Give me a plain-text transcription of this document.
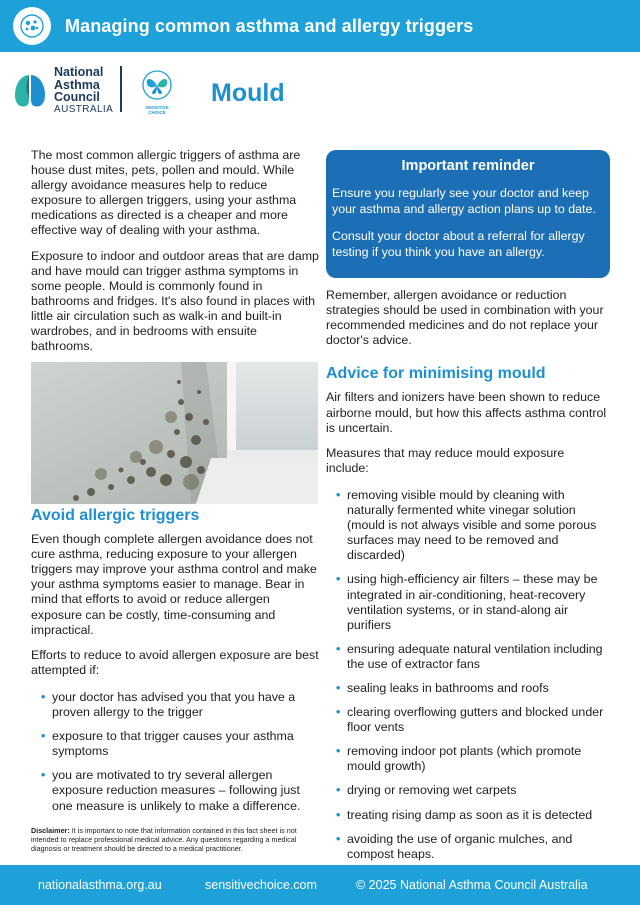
Managing common asthma and allergy triggers
National
Asthma
Council
AUSTRALIA	SENSITIVE
CHOICE
Mould

The most common allergic triggers of asthma are house dust mites, pets, pollen and mould. While allergy avoidance measures help to reduce exposure to allergen triggers, using your asthma medications as directed is a cheaper and more effective way of dealing with your asthma.

Exposure to indoor and outdoor areas that are damp and have mould can trigger asthma symptoms in some people. Mould is commonly found in bathrooms and fridges. It's also found in places with little air circulation such as walk-in and built-in wardrobes, and in bedrooms with ensuite bathrooms.

Avoid allergic triggers

Even though complete allergen avoidance does not cure asthma, reducing exposure to your allergen triggers may improve your asthma control and make your asthma symptoms easier to manage. Bear in mind that efforts to avoid or reduce allergen exposure can be costly, time-consuming and impractical.

Efforts to reduce to avoid allergen exposure are best attempted if:

• your doctor has advised you that you have a proven allergy to the trigger
• exposure to that trigger causes your asthma symptoms
• you are motivated to try several allergen exposure reduction measures – following just one measure is unlikely to make a difference.
Disclaimer: It is important to note that information contained in this fact sheet is not intended to replace professional medical advice. Any questions regarding a medical diagnosis or treatment should be directed to a medical practitioner.
Important reminder

Ensure you regularly see your doctor and keep your asthma and allergy action plans up to date.

Consult your doctor about a referral for allergy testing if you think you have an allergy.

Remember, allergen avoidance or reduction strategies should be used in combination with your recommended medicines and do not replace your doctor's advice.

Advice for minimising mould

Air filters and ionizers have been shown to reduce airborne mould, but how this affects asthma control is uncertain.

Measures that may reduce mould exposure include:

• removing visible mould by cleaning with naturally fermented white vinegar solution (mould is not always visible and some porous surfaces may need to be removed and discarded)
• using high-efficiency air filters – these may be integrated in air-conditioning, heat-recovery ventilation systems, or in stand-along air purifiers
• ensuring adequate natural ventilation including the use of extractor fans
• sealing leaks in bathrooms and roofs
• clearing overflowing gutters and blocked under floor vents
• removing indoor pot plants (which promote mould growth)
• drying or removing wet carpets
• treating rising damp as soon as it is detected
• avoiding the use of organic mulches, and compost heaps.
nationalasthma.org.au	sensitivechoice.com	© 2025 National Asthma Council Australia
